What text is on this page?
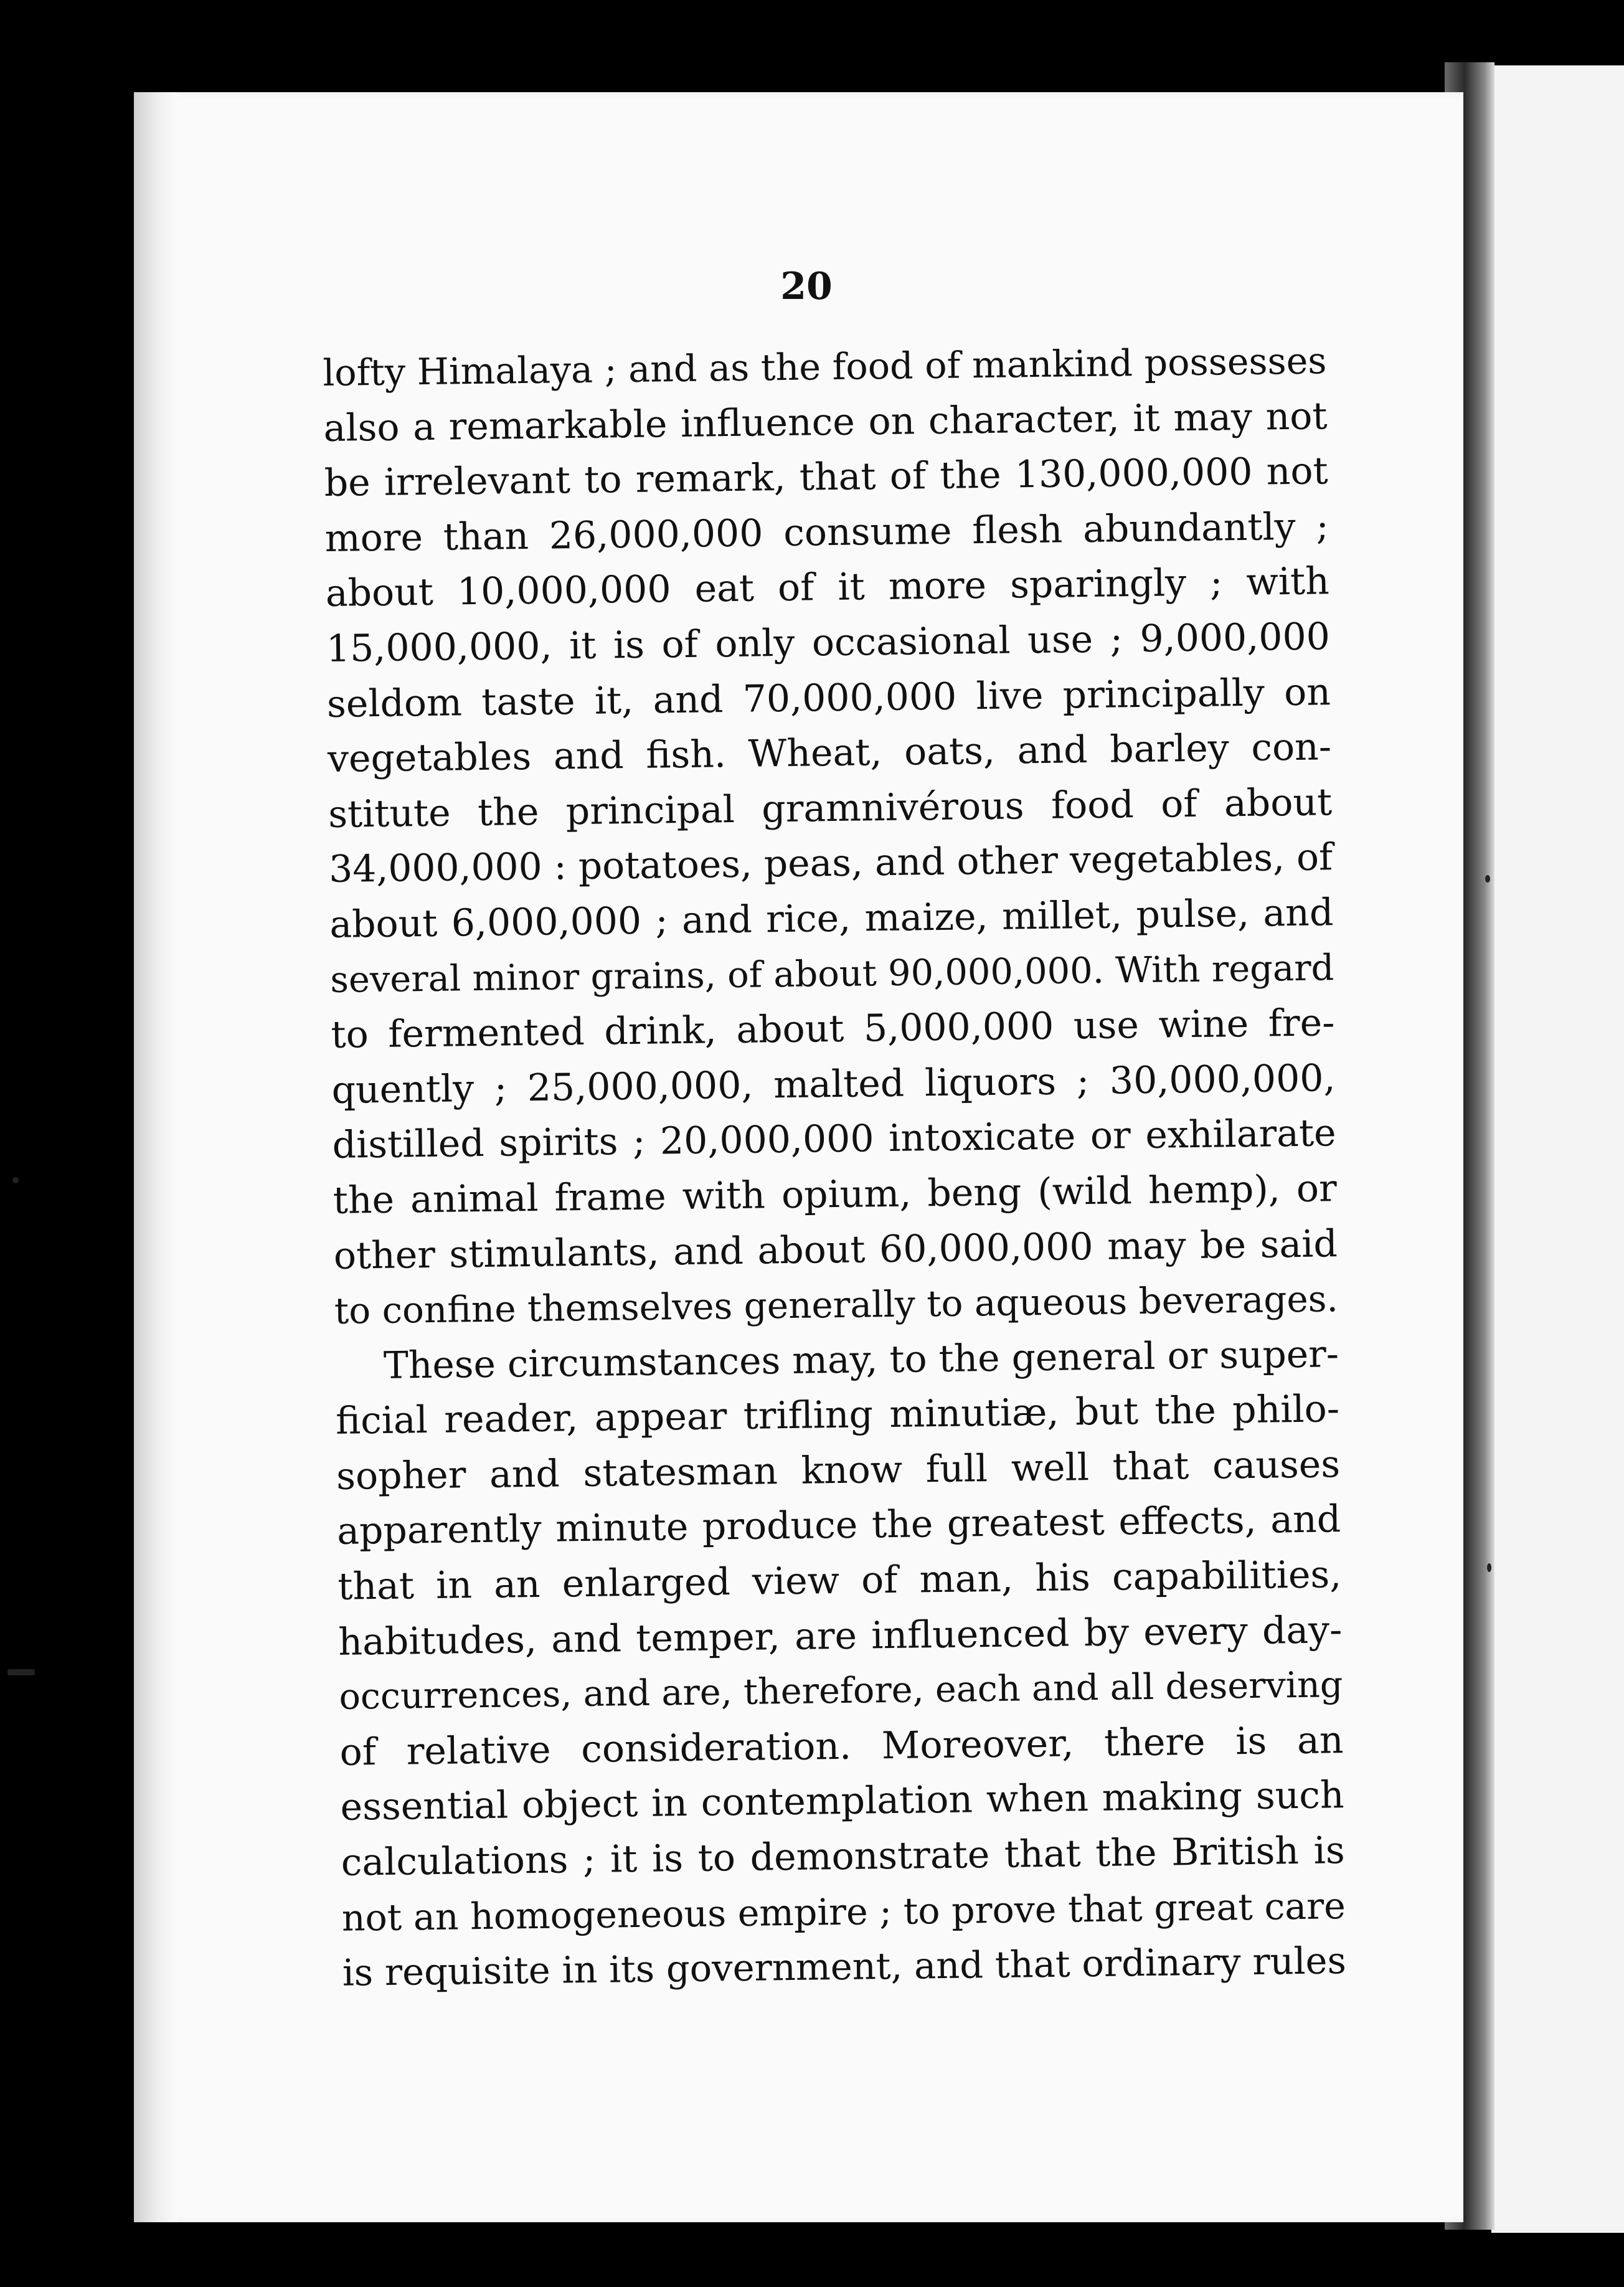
20
lofty Himalaya ; and as the food of mankind possesses
also a remarkable influence on character, it may not
be irrelevant to remark, that of the 130,000,000 not
more than 26,000,000 consume flesh abundantly ;
about 10,000,000 eat of it more sparingly ; with
15,000,000, it is of only occasional use ; 9,000,000
seldom taste it, and 70,000,000 live principally on
vegetables and fish. Wheat, oats, and barley con-
stitute the principal gramnivérous food of about
34,000,000 : potatoes, peas, and other vegetables, of
about 6,000,000 ; and rice, maize, millet, pulse, and
several minor grains, of about 90,000,000. With regard
to fermented drink, about 5,000,000 use wine fre-
quently ; 25,000,000, malted liquors ; 30,000,000,
distilled spirits ; 20,000,000 intoxicate or exhilarate
the animal frame with opium, beng (wild hemp), or
other stimulants, and about 60,000,000 may be said
to confine themselves generally to aqueous beverages.
These circumstances may, to the general or super-
ficial reader, appear trifling minutiæ, but the philo-
sopher and statesman know full well that causes
apparently minute produce the greatest effects, and
that in an enlarged view of man, his capabilities,
habitudes, and temper, are influenced by every day-
occurrences, and are, therefore, each and all deserving
of relative consideration. Moreover, there is an
essential object in contemplation when making such
calculations ; it is to demonstrate that the British is
not an homogeneous empire ; to prove that great care
is requisite in its government, and that ordinary rules
